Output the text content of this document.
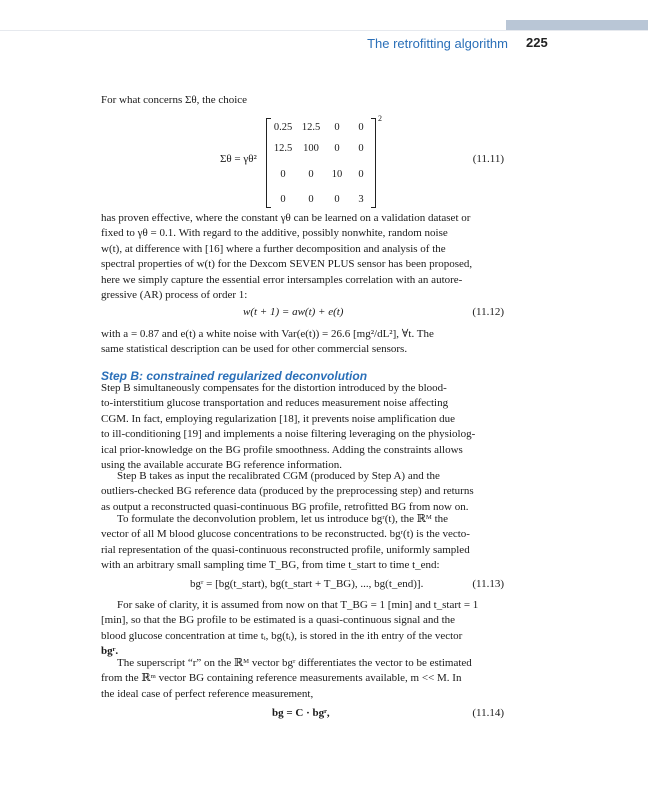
The retrofitting algorithm 225

For what concerns Σθ, the choice

Σθ = γθ²
0.25 12.5	0	0
12.5	100	0	0
0	0	10	0
0	0	0	3
2
(11.11)

has proven effective, where the constant γθ can be learned on a validation dataset or
fixed to γθ = 0.1. With regard to the additive, possibly nonwhite, random noise
w(t), at difference with [16] where a further decomposition and analysis of the
spectral properties of w(t) for the Dexcom SEVEN PLUS sensor has been proposed,
here we simply capture the essential error intersamples correlation with an autore-
gressive (AR) process of order 1:

w(t + 1) = aw(t) + e(t)	(11.12)

with a = 0.87 and e(t) a white noise with Var(e(t)) = 26.6 [mg²/dL²], ∀t. The
same statistical description can be used for other commercial sensors.

Step B: constrained regularized deconvolution

Step B simultaneously compensates for the distortion introduced by the blood-
to-interstitium glucose transportation and reduces measurement noise affecting
CGM. In fact, employing regularization [18], it prevents noise amplification due
to ill-conditioning [19] and implements a noise filtering leveraging on the physiolog-
ical prior-knowledge on the BG profile smoothness. Adding the constraints allows
using the available accurate BG reference information.

Step B takes as input the recalibrated CGM (produced by Step A) and the
outliers-checked BG reference data (produced by the preprocessing step) and returns
as output a reconstructed quasi-continuous BG profile, retrofitted BG from now on.

To formulate the deconvolution problem, let us introduce bgʳ(t), the ℝᴹ the
vector of all M blood glucose concentrations to be reconstructed. bgʳ(t) is the vecto-
rial representation of the quasi-continuous reconstructed profile, uniformly sampled
with an arbitrary small sampling time T_BG, from time t_start to time t_end:

bgʳ = [bg(t_start), bg(t_start + T_BG), ..., bg(t_end)].	(11.13)

For sake of clarity, it is assumed from now on that T_BG = 1 [min] and t_start = 1
[min], so that the BG profile to be estimated is a quasi-continuous signal and the
blood glucose concentration at time tᵢ, bg(tᵢ), is stored in the ith entry of the vector
bgʳ.

The superscript “r” on the ℝᴹ vector bgʳ differentiates the vector to be estimated
from the ℝᵐ vector BG containing reference measurements available, m << M. In
the ideal case of perfect reference measurement,

bg = C · bgʳ,	(11.14)
